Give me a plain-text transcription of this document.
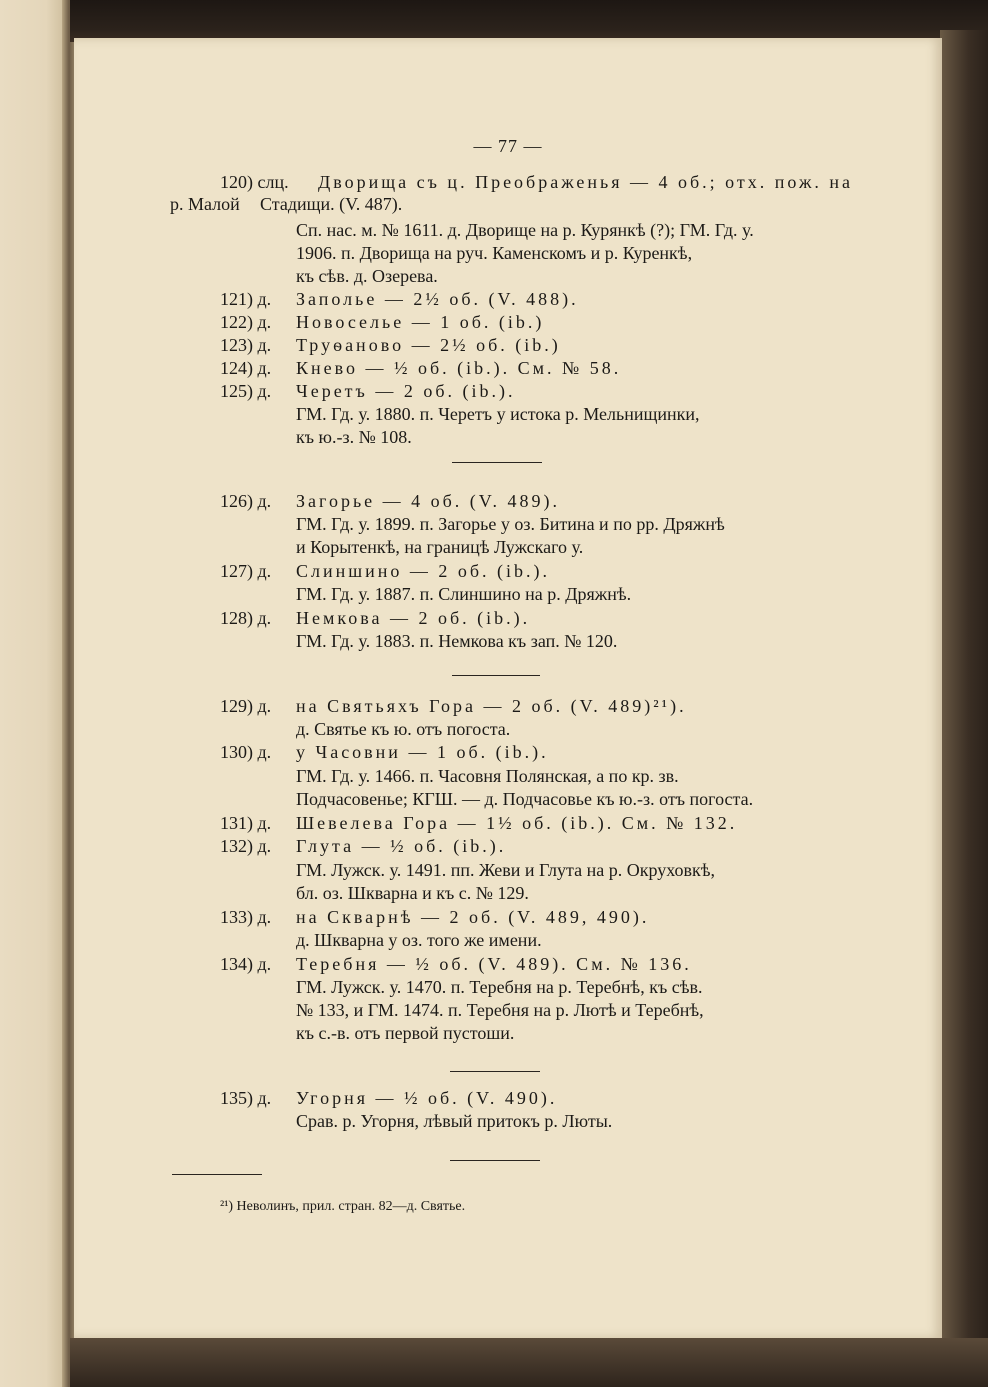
— 77 —
120) слц. Дворища съ ц. Преображенья — 4 об.; отх. пож. на
р. Малой Стадищи. (V. 487).
Сп. нас. м. № 1611. д. Дворище на р. Курянкѣ (?); ГМ. Гд. у.
1906. п. Дворища на руч. Каменскомъ и р. Куренкѣ,
къ сѣв. д. Озерева.
121) д. Заполье — 2½ об. (V. 488).
122) д. Новоселье — 1 об. (ib.)
123) д. Труѳаново — 2½ об. (ib.)
124) д. Кнево — ½ об. (ib.). См. № 58.
125) д. Черетъ — 2 об. (ib.).
ГМ. Гд. у. 1880. п. Черетъ у истока р. Мельнищинки,
къ ю.-з. № 108.
126) д. Загорье — 4 об. (V. 489).
ГМ. Гд. у. 1899. п. Загорье у оз. Битина и по рр. Дряжнѣ
и Корытенкѣ, на границѣ Лужскаго у.
127) д. Слиншино — 2 об. (ib.).
ГМ. Гд. у. 1887. п. Слиншино на р. Дряжнѣ.
128) д. Немкова — 2 об. (ib.).
ГМ. Гд. у. 1883. п. Немкова къ зап. № 120.
129) д. на Святьяхъ Гора — 2 об. (V. 489)²¹).
д. Святье къ ю. отъ погоста.
130) д. у Часовни — 1 об. (ib.).
ГМ. Гд. у. 1466. п. Часовня Полянская, а по кр. зв.
Подчасовенье; КГШ. — д. Подчасовье къ ю.-з. отъ погоста.
131) д. Шевелева Гора — 1½ об. (ib.). См. № 132.
132) д. Глута — ½ об. (ib.).
ГМ. Лужск. у. 1491. пп. Жеви и Глута на р. Окруховкѣ,
бл. оз. Шкварна и къ с. № 129.
133) д. на Скварнѣ — 2 об. (V. 489, 490).
д. Шкварна у оз. того же имени.
134) д. Теребня — ½ об. (V. 489). См. № 136.
ГМ. Лужск. у. 1470. п. Теребня на р. Теребнѣ, къ сѣв.
№ 133, и ГМ. 1474. п. Теребня на р. Лютѣ и Теребнѣ,
къ с.-в. отъ первой пустоши.
135) д. Угорня — ½ об. (V. 490).
Срав. р. Угорня, лѣвый притокъ р. Люты.
²¹) Неволинъ, прил. стран. 82—д. Святье.
